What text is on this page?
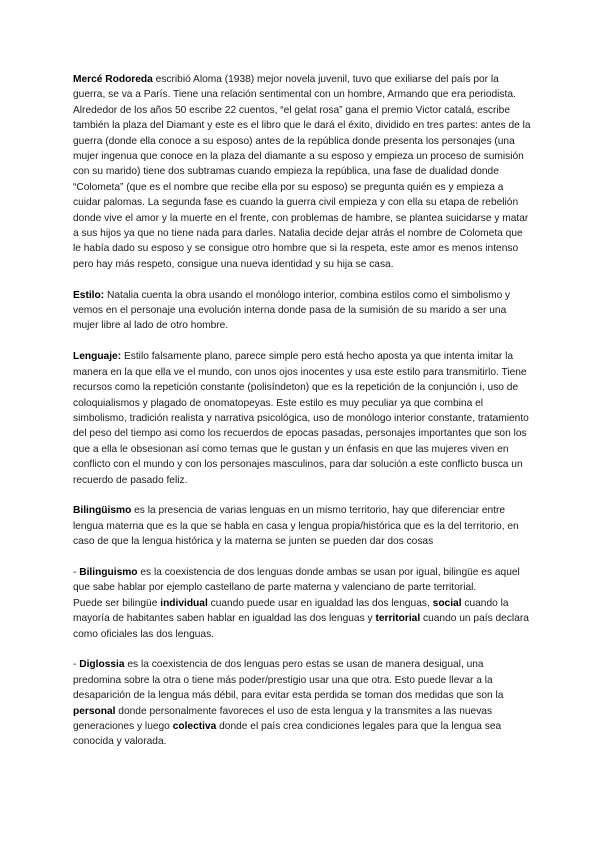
Mercé Rodoreda escribió Aloma (1938) mejor novela juvenil, tuvo que exiliarse del país por la guerra, se va a París. Tiene una relación sentimental con un hombre, Armando que era periodista. Alrededor de los años 50 escribe 22 cuentos, “el gelat rosa” gana el premio Victor catalá, escribe también la plaza del Diamant y este es el libro que le dará el éxito, dividido en tres partes: antes de la guerra (donde ella conoce a su esposo) antes de la república donde presenta los personajes (una mujer ingenua que conoce en la plaza del diamante a su esposo y empieza un proceso de sumisión con su marido) tiene dos subtramas cuando empieza la república, una fase de dualidad donde “Colometa” (que es el nombre que recibe ella por su esposo) se pregunta quién es y empieza a cuidar palomas. La segunda fase es cuando la guerra civil empieza y con ella su etapa de rebelión donde vive el amor y la muerte en el frente, con problemas de hambre, se plantea suicidarse y matar a sus hijos ya que no tiene nada para darles. Natalia decide dejar atrás el nombre de Colometa que le había dado su esposo y se consigue otro hombre que si la respeta, este amor es menos intenso pero hay más respeto, consigue una nueva identidad y su hija se casa.

Estilo: Natalia cuenta la obra usando el monólogo interior, combina estilos como el simbolismo y vemos en el personaje una evolución interna donde pasa de la sumisión de su marido a ser una mujer libre al lado de otro hombre.

Lenguaje: Estilo falsamente plano, parece simple pero está hecho aposta ya que intenta imitar la manera en la que ella ve el mundo, con unos ojos inocentes y usa este estilo para transmitirlo. Tiene recursos como la repetición constante (polisíndeton) que es la repetición de la conjunción i, uso de coloquialismos y plagado de onomatopeyas. Este estilo es muy peculiar ya que combina el simbolismo, tradición realista y narrativa psicológica, uso de monólogo interior constante, tratamiento del peso del tiempo asi como los recuerdos de epocas pasadas, personajes importantes que son los que a ella le obsesionan así como temas que le gustan y un énfasis en que las mujeres viven en conflicto con el mundo y con los personajes masculinos, para dar solución a este conflicto busca un recuerdo de pasado feliz.

Bilingüismo es la presencia de varias lenguas en un mismo territorio, hay que diferenciar entre lengua materna que es la que se habla en casa y lengua propia/histórica que es la del territorio, en caso de que la lengua histórica y la materna se junten se pueden dar dos cosas

- Bilinguismo es la coexistencia de dos lenguas donde ambas se usan por igual, bilingüe es aquel que sabe hablar por ejemplo castellano de parte materna y valenciano de parte territorial.

Puede ser bilingüe individual cuando puede usar en igualdad las dos lenguas, social cuando la mayoría de habitantes saben hablar en igualdad las dos lenguas y territorial cuando un país declara como oficiales las dos lenguas.

- Diglossia es la coexistencia de dos lenguas pero estas se usan de manera desigual, una predomina sobre la otra o tiene más poder/prestigio usar una que otra. Esto puede llevar a la desaparición de la lengua más débil, para evitar esta perdida se toman dos medidas que son la personal donde personalmente favoreces el uso de esta lengua y la transmites a las nuevas generaciones y luego colectiva donde el país crea condiciones legales para que la lengua sea conocida y valorada.
